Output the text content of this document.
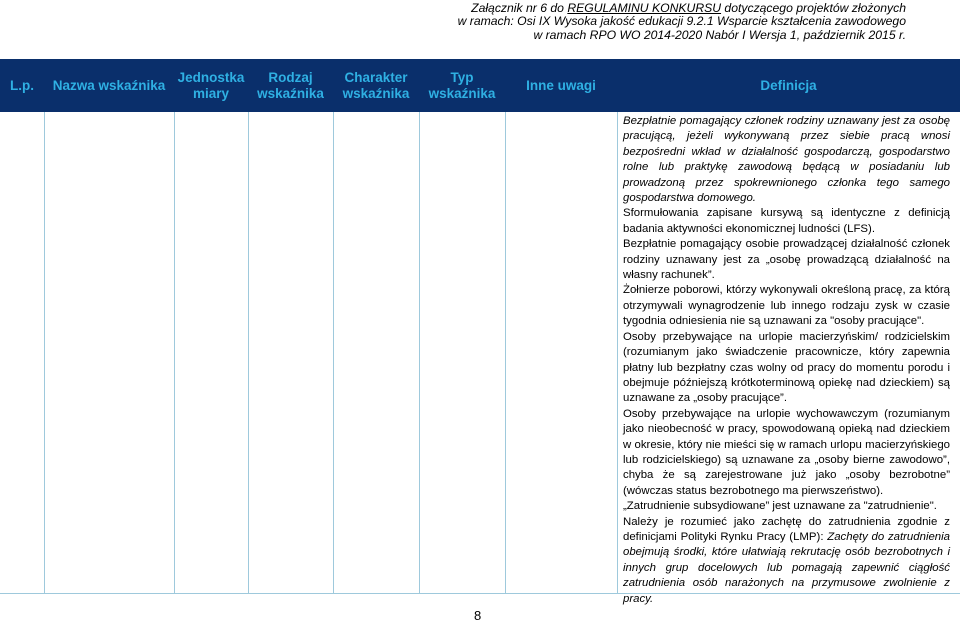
Załącznik nr 6 do REGULAMINU KONKURSU dotyczącego projektów złożonych
w ramach: Osi IX Wysoka jakość edukacji 9.2.1 Wsparcie kształcenia zawodowego
w ramach RPO WO 2014-2020 Nabór I Wersja 1, październik 2015 r.
L.p.	Nazwa wskaźnika
Jednostka miary
Rodzaj wskaźnika
Charakter wskaźnika
Typ wskaźnika
Inne uwagi	Definicja

Bezpłatnie pomagający członek rodziny uznawany jest za osobę pracującą, jeżeli wykonywaną przez siebie pracą wnosi bezpośredni wkład w działalność gospodarczą, gospodarstwo rolne lub praktykę zawodową będącą w posiadaniu lub prowadzoną przez spokrewnionego członka tego samego gospodarstwa domowego.

Sformułowania zapisane kursywą są identyczne z definicją badania aktywności ekonomicznej ludności (LFS).

Bezpłatnie pomagający osobie prowadzącej działalność członek rodziny uznawany jest za „osobę prowadzącą działalność na własny rachunek”.

Żołnierze poborowi, którzy wykonywali określoną pracę, za którą otrzymywali wynagrodzenie lub innego rodzaju zysk w czasie tygodnia odniesienia nie są uznawani za "osoby pracujące".

Osoby przebywające na urlopie macierzyńskim/ rodzicielskim (rozumianym jako świadczenie pracownicze, który zapewnia płatny lub bezpłatny czas wolny od pracy do momentu porodu i obejmuje późniejszą krótkoterminową opiekę nad dzieckiem) są uznawane za „osoby pracujące”.

Osoby przebywające na urlopie wychowawczym (rozumianym jako nieobecność w pracy, spowodowaną opieką nad dzieckiem w okresie, który nie mieści się w ramach urlopu macierzyńskiego lub rodzicielskiego) są uznawane za „osoby bierne zawodowo”, chyba że są zarejestrowane już jako „osoby bezrobotne” (wówczas status bezrobotnego ma pierwszeństwo).

„Zatrudnienie subsydiowane” jest uznawane za "zatrudnienie".

Należy je rozumieć jako zachętę do zatrudnienia zgodnie z definicjami Polityki Rynku Pracy (LMP): Zachęty do zatrudnienia obejmują środki, które ułatwiają rekrutację osób bezrobotnych i innych grup docelowych lub pomagają zapewnić ciągłość zatrudnienia osób narażonych na przymusowe zwolnienie z pracy.

8
